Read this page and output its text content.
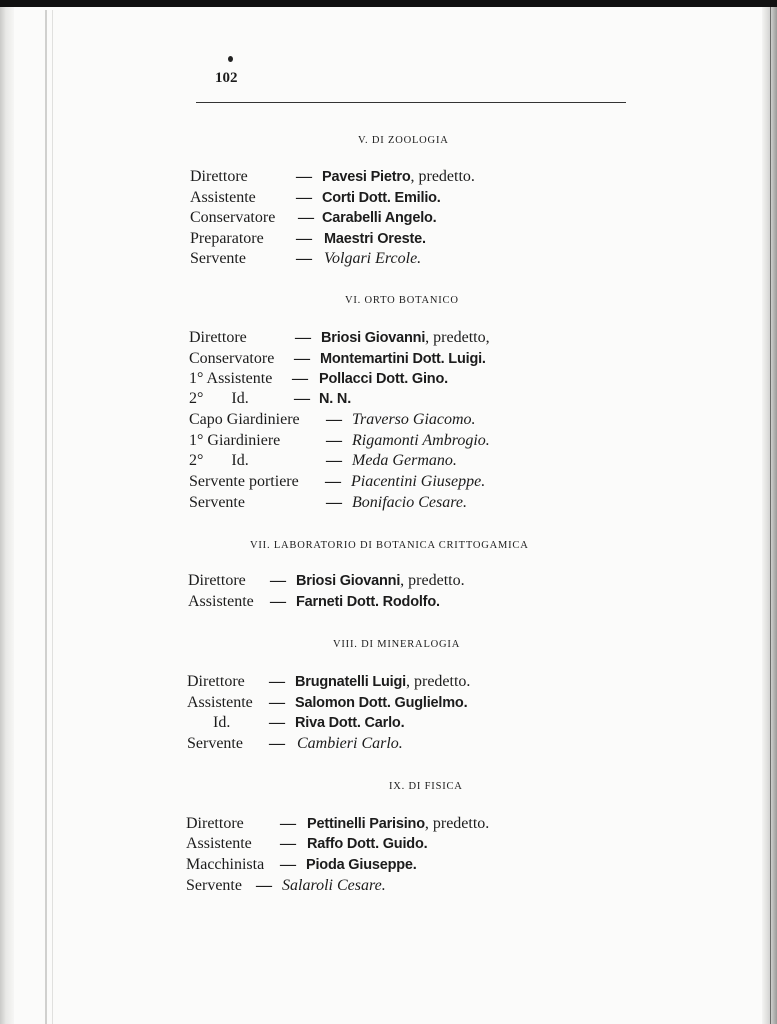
102
V. DI ZOOLOGIA
Direttore	— Pavesi Pietro, predetto.
Assistente	— Corti Dott. Emilio.
Conservatore — Carabelli Angelo.
Preparatore — Maestri Oreste.
Servente	— Volgari Ercole.
VI. ORTO BOTANICO
Direttore	— Briosi Giovanni, predetto,
Conservatore — Montemartini Dott. Luigi.
1° Assistente — Pollacci Dott. Gino.
2°       Id.	— N. N.
Capo Giardiniere — Traverso Giacomo.
1° Giardiniere	— Rigamonti Ambrogio.
2°       Id.	— Meda Germano.
Servente portiere — Piacentini Giuseppe.
Servente	— Bonifacio Cesare.
VII. LABORATORIO DI BOTANICA CRITTOGAMICA
Direttore — Briosi Giovanni, predetto.
Assistente — Farneti Dott. Rodolfo.
VIII. DI MINERALOGIA
Direttore — Brugnatelli Luigi, predetto.
Assistente — Salomon Dott. Guglielmo.
Id. — Riva Dott. Carlo.
Servente — Cambieri Carlo.
IX. DI FISICA
Direttore — Pettinelli Parisino, predetto.
Assistente — Raffo Dott. Guido.
Macchinista — Pioda Giuseppe.
Servente — Salaroli Cesare.
